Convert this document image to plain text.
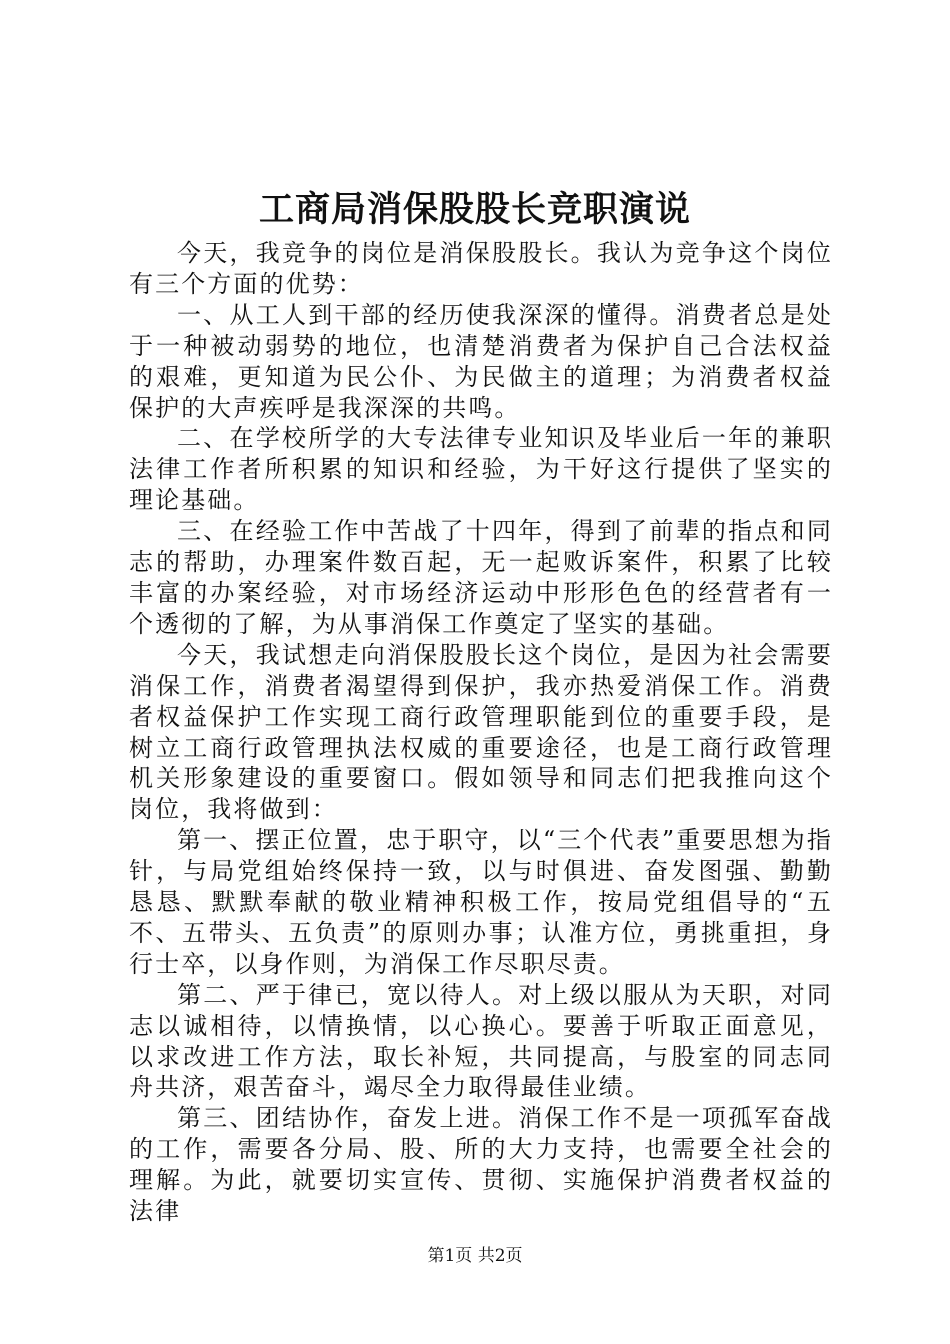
工商局消保股股长竞职演说

今天，我竞争的岗位是消保股股长。我认为竞争这个岗位有三个方面的优势：

一、从工人到干部的经历使我深深的懂得。消费者总是处于一种被动弱势的地位，也清楚消费者为保护自己合法权益的艰难，更知道为民公仆、为民做主的道理；为消费者权益保护的大声疾呼是我深深的共鸣。

二、在学校所学的大专法律专业知识及毕业后一年的兼职法律工作者所积累的知识和经验，为干好这行提供了坚实的理论基础。

三、在经验工作中苦战了十四年，得到了前辈的指点和同志的帮助，办理案件数百起，无一起败诉案件，积累了比较丰富的办案经验，对市场经济运动中形形色色的经营者有一个透彻的了解，为从事消保工作奠定了坚实的基础。

今天，我试想走向消保股股长这个岗位，是因为社会需要消保工作，消费者渴望得到保护，我亦热爱消保工作。消费者权益保护工作实现工商行政管理职能到位的重要手段，是树立工商行政管理执法权威的重要途径，也是工商行政管理机关形象建设的重要窗口。假如领导和同志们把我推向这个岗位，我将做到：

第一、摆正位置，忠于职守，以“三个代表”重要思想为指针，与局党组始终保持一致，以与时俱进、奋发图强、勤勤恳恳、默默奉献的敬业精神积极工作，按局党组倡导的“五不、五带头、五负责”的原则办事；认准方位，勇挑重担，身行士卒，以身作则，为消保工作尽职尽责。

第二、严于律已，宽以待人。对上级以服从为天职，对同志以诚相待，以情换情，以心换心。要善于听取正面意见，以求改进工作方法，取长补短，共同提高，与股室的同志同舟共济，艰苦奋斗，竭尽全力取得最佳业绩。

第三、团结协作，奋发上进。消保工作不是一项孤军奋战的工作，需要各分局、股、所的大力支持，也需要全社会的理解。为此，就要切实宣传、贯彻、实施保护消费者权益的法律

第1页 共2页
